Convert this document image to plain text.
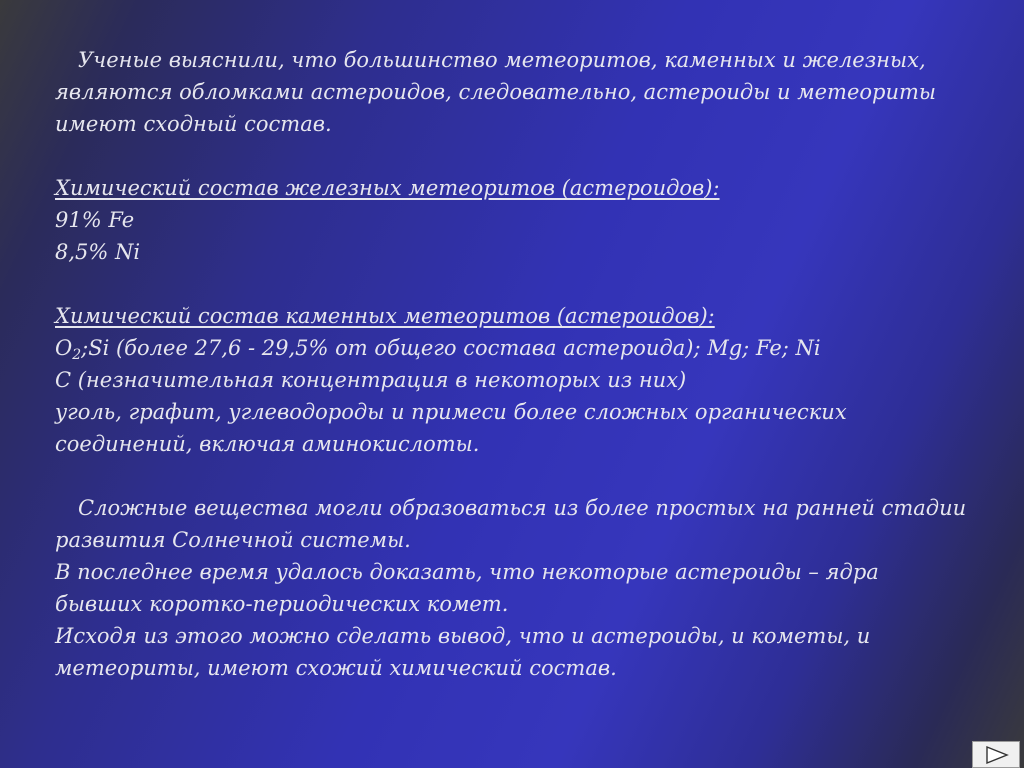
Ученые выяснили, что большинство метеоритов, каменных и железных,
являются обломками астероидов, следовательно, астероиды и метеориты
имеют сходный состав.
Химический состав железных метеоритов (астероидов):
91% Fe
8,5% Ni
Химический состав каменных метеоритов (астероидов):
$O_2;Si$ (более 27,6 - 29,5% от общего состава астероида); Mg; Fe; Ni
C (незначительная концентрация в некоторых из них)
уголь, графит, углеводороды и примеси более сложных органических
соединений, включая аминокислоты.
Сложные вещества могли образоваться из более простых на ранней стадии
развития Солнечной системы.
В последнее время удалось доказать, что некоторые астероиды – ядра
бывших коротко-периодических комет.
Исходя из этого можно сделать вывод, что и астероиды, и кометы, и
метеориты, имеют схожий химический состав.
